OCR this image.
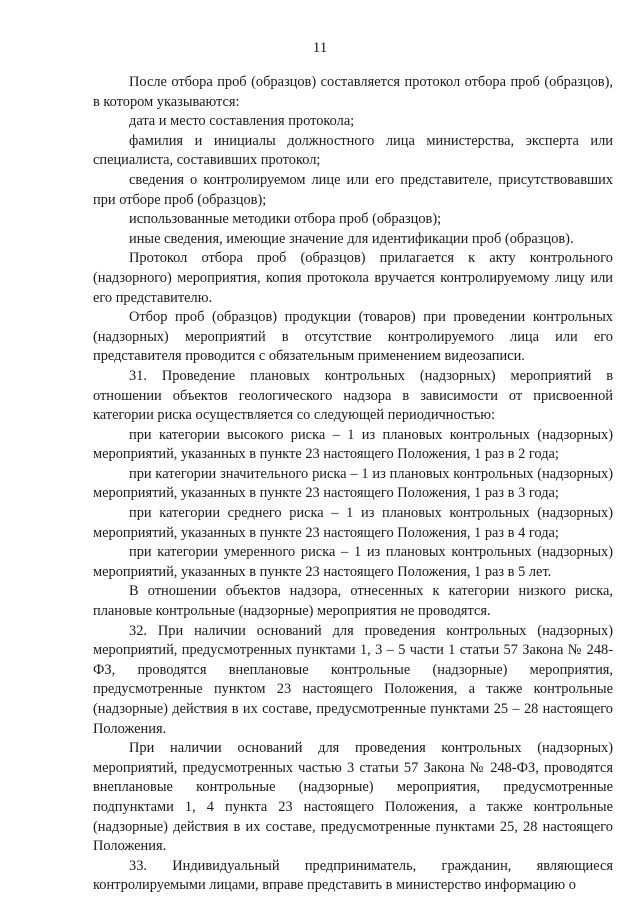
11

После отбора проб (образцов) составляется протокол отбора проб (образцов), в котором указываются:

дата и место составления протокола;

фамилия и инициалы должностного лица министерства, эксперта или специалиста, составивших протокол;

сведения о контролируемом лице или его представителе, присутствовавших при отборе проб (образцов);

использованные методики отбора проб (образцов);

иные сведения, имеющие значение для идентификации проб (образцов).

Протокол отбора проб (образцов) прилагается к акту контрольного (надзорного) мероприятия, копия протокола вручается контролируемому лицу или его представителю.

Отбор проб (образцов) продукции (товаров) при проведении контрольных (надзорных) мероприятий в отсутствие контролируемого лица или его представителя проводится с обязательным применением видеозаписи.

31. Проведение плановых контрольных (надзорных) мероприятий в отношении объектов геологического надзора в зависимости от присвоенной категории риска осуществляется со следующей периодичностью:

при категории высокого риска – 1 из плановых контрольных (надзорных) мероприятий, указанных в пункте 23 настоящего Положения, 1 раз в 2 года;

при категории значительного риска – 1 из плановых контрольных (надзорных) мероприятий, указанных в пункте 23 настоящего Положения, 1 раз в 3 года;

при категории среднего риска – 1 из плановых контрольных (надзорных) мероприятий, указанных в пункте 23 настоящего Положения, 1 раз в 4 года;

при категории умеренного риска – 1 из плановых контрольных (надзорных) мероприятий, указанных в пункте 23 настоящего Положения, 1 раз в 5 лет.

В отношении объектов надзора, отнесенных к категории низкого риска, плановые контрольные (надзорные) мероприятия не проводятся.

32. При наличии оснований для проведения контрольных (надзорных) мероприятий, предусмотренных пунктами 1, 3 – 5 части 1 статьи 57 Закона № 248-ФЗ, проводятся внеплановые контрольные (надзорные) мероприятия, предусмотренные пунктом 23 настоящего Положения, а также контрольные (надзорные) действия в их составе, предусмотренные пунктами 25 – 28 настоящего Положения.

При наличии оснований для проведения контрольных (надзорных) мероприятий, предусмотренных частью 3 статьи 57 Закона № 248-ФЗ, проводятся внеплановые контрольные (надзорные) мероприятия, предусмотренные подпунктами 1, 4 пункта 23 настоящего Положения, а также контрольные (надзорные) действия в их составе, предусмотренные пунктами 25, 28 настоящего Положения.

33. Индивидуальный предприниматель, гражданин, являющиеся контролируемыми лицами, вправе представить в министерство информацию о
